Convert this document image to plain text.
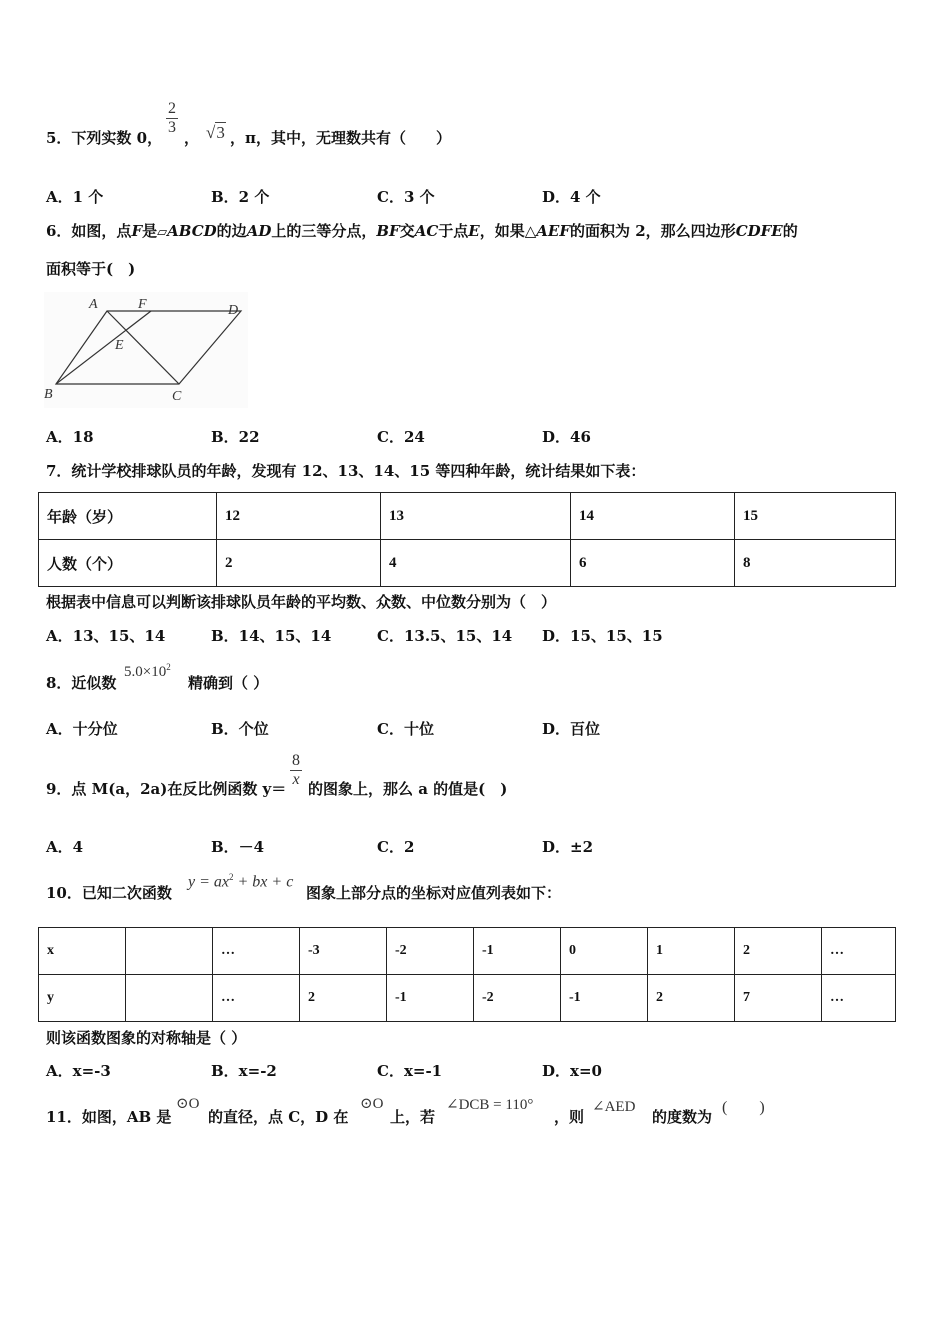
5．下列实数 0，
$\frac{2}{3}$
， √3 ，π，其中，无理数共有（　　）
A．1 个	B．2 个	C．3 个	D．4 个
6．如图，点F是▱ABCD的边AD上的三等分点，BF交AC于点E，如果△AEF的面积为 2，那么四边形CDFE的
面积等于(　)
A	F	D
E
B	C
A．18	B．22	C．24	D．46
7．统计学校排球队员的年龄，发现有 12、13、14、15 等四种年龄，统计结果如下表：
年龄（岁）	12	13	14	15
人数（个）	2	4	6	8
根据表中信息可以判断该排球队员年龄的平均数、众数、中位数分别为（　）
A．13、15、14	B．14、15、14	C．13.5、15、14 D．15、15、15
8．近似数
$5.0\times 10^2$
精确到（ ）
A．十分位	B．个位	C．十位	D．百位
9．点 M(a，2a)在反比例函数 $y= \frac{8}{x}$ 的图象上，那么 a 的值是(　)
A．4	B．－4	C．2	D．±2
10．已知二次函数
$y = ax^2$ + bx + c
图象上部分点的坐标对应值列表如下：
x		…	-3	-2	-1	0	1	2	…
y		…	2	-1	-2	-1	2	7	…
则该函数图象的对称轴是（ ）
A．x=-3	B．x=-2	C．x=-1	D．x=0
11．如图，AB 是
⊙O
的直径，点 C，D 在
⊙O
上，若
∠DCB = 110°
，则
∠AED
的度数为
(　　)
